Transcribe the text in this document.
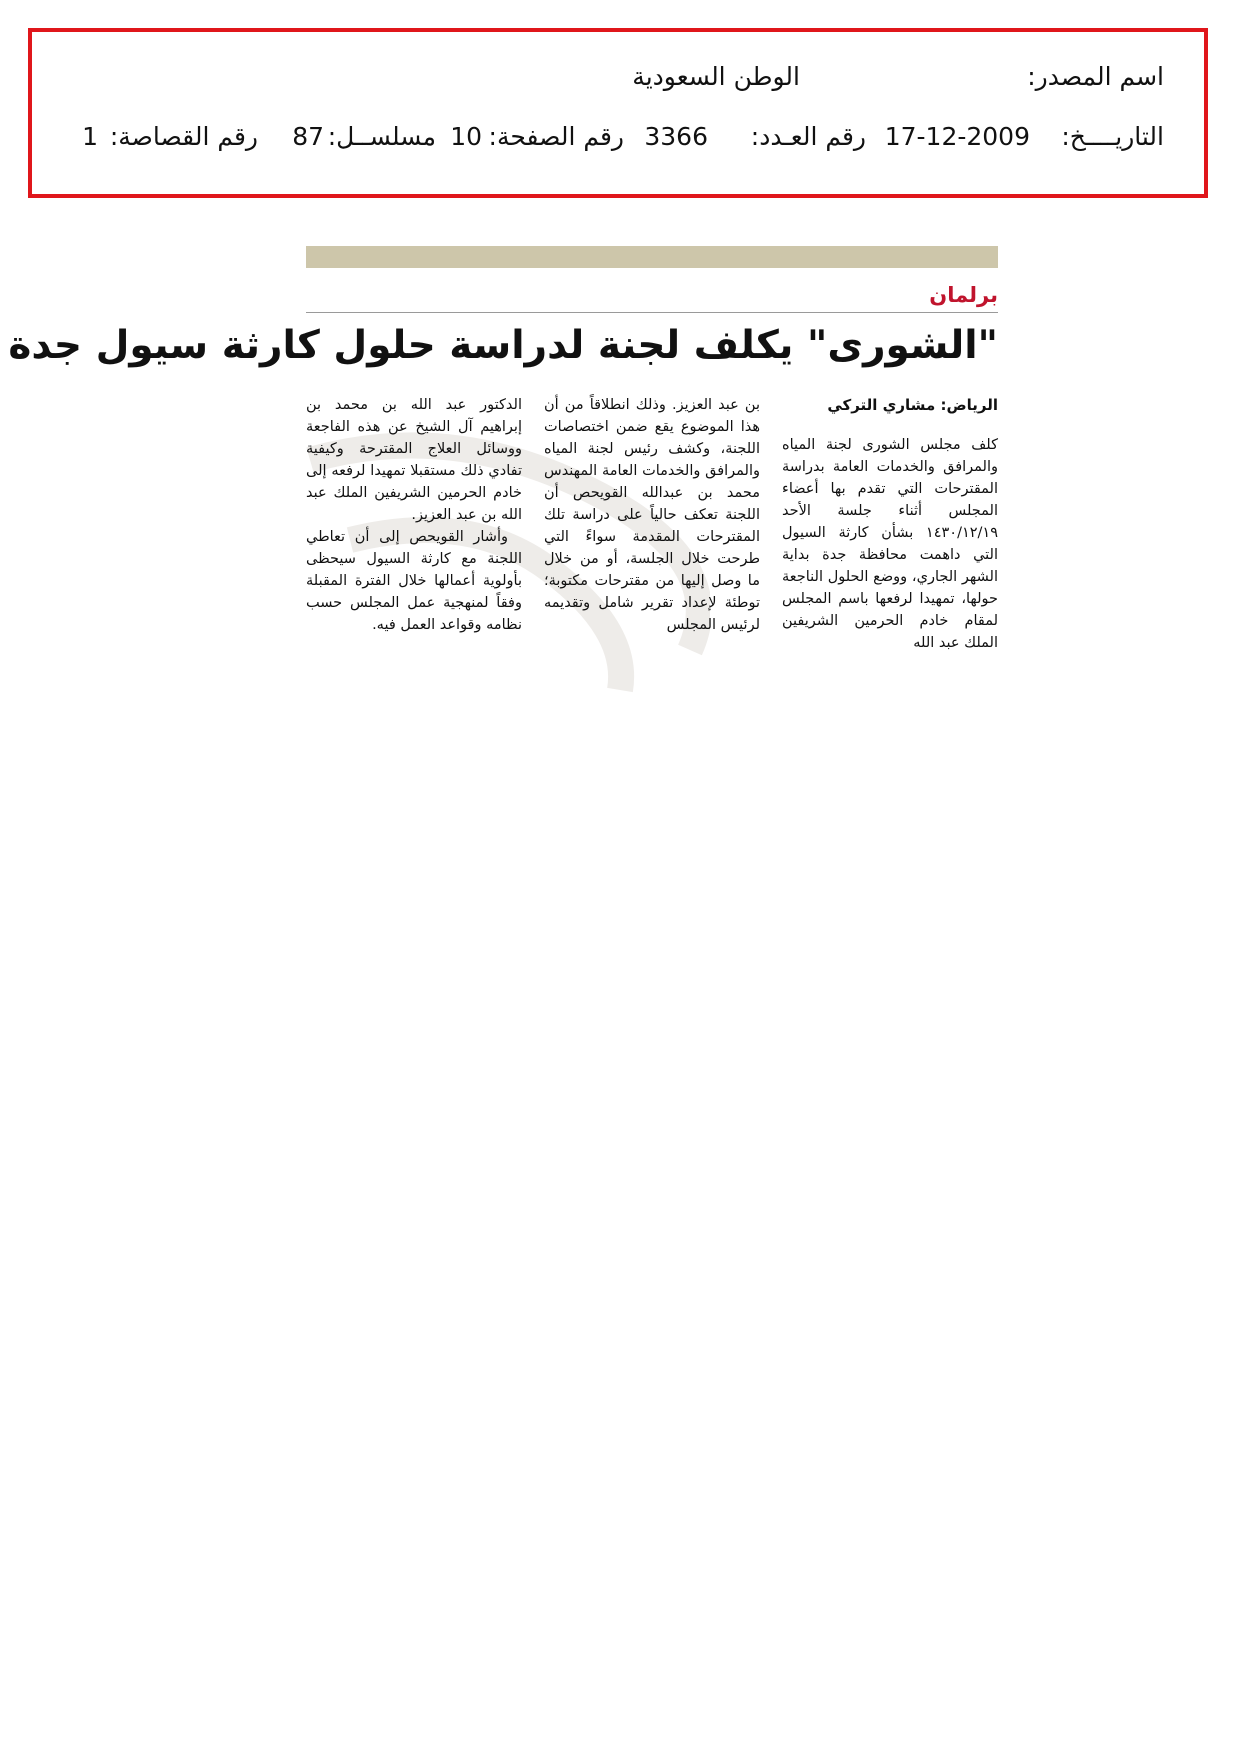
اسم المصدر:
الوطن السعودية
التاريــــخ:
17-12-2009
رقم العـدد:
3366
رقم الصفحة:
10
مسلســل:
87
رقم القصاصة:
1
برلمان
"الشورى" يكلف لجنة لدراسة حلول كارثة سيول جدة
الرياض: مشاري التركي
كلف مجلس الشورى لجنة المياه والمرافق والخدمات العامة بدراسة المقترحات التي تقدم بها أعضاء المجلس أثناء جلسة الأحد ١٤٣٠/١٢/١٩ بشأن كارثة السيول التي داهمت محافظة جدة بداية الشهر الجاري، ووضع الحلول الناجعة حولها، تمهيدا لرفعها باسم المجلس لمقام خادم الحرمين الشريفين الملك عبد الله
بن عبد العزيز. وذلك انطلاقاً من أن هذا الموضوع يقع ضمن اختصاصات اللجنة، وكشف رئيس لجنة المياه والمرافق والخدمات العامة المهندس محمد بن عبدالله القويحص أن اللجنة تعكف حالياً على دراسة تلك المقترحات المقدمة سواءً التي طرحت خلال الجلسة، أو من خلال ما وصل إليها من مقترحات مكتوبة؛ توطئة لإعداد تقرير شامل وتقديمه لرئيس المجلس
الدكتور عبد الله بن محمد بن إبراهيم آل الشيخ عن هذه الفاجعة ووسائل العلاج المقترحة وكيفية تفادي ذلك مستقبلا تمهيدا لرفعه إلى خادم الحرمين الشريفين الملك عبد الله بن عبد العزيز.
وأشار القويحص إلى أن تعاطي اللجنة مع كارثة السيول سيحظى بأولوية أعمالها خلال الفترة المقبلة وفقاً لمنهجية عمل المجلس حسب نظامه وقواعد العمل فيه.
